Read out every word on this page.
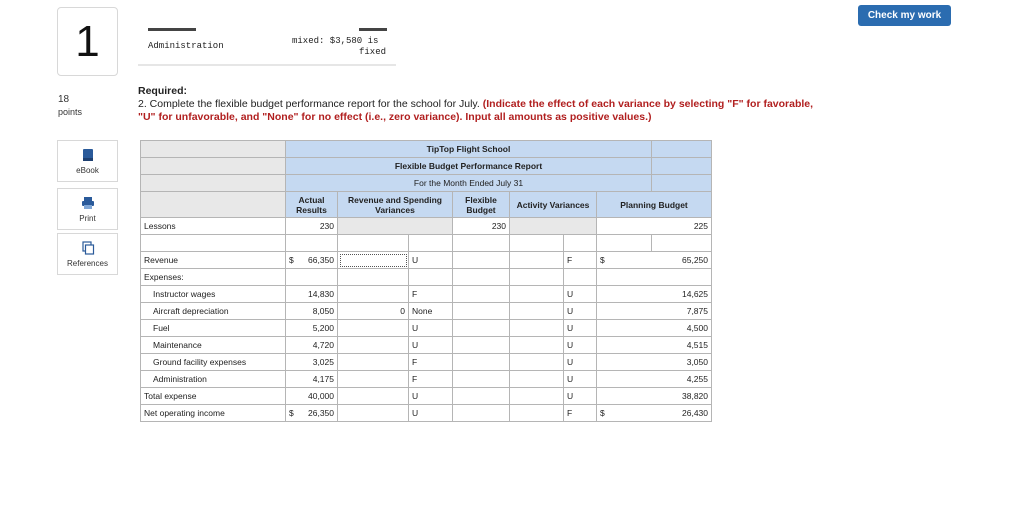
1
18
points
Check my work
eBook
Print
References
Administration	mixed: $3,580 is
fixed
Required:
2. Complete the flexible budget performance report for the school for July. (Indicate the effect of each variance by selecting "F" for favorable, "U" for unfavorable, and "None" for no effect (i.e., zero variance). Input all amounts as positive values.)
	TipTop Flight School							
	Flexible Budget Performance Report							
	For the Month Ended July 31							
	Actual Results	Revenue and Spending Variances		Flexible Budget	Activity Variances		Planning Budget	
Lessons	230			230			225	

Revenue	$ 66,350		U			F	$ 65,250	
Expenses:								
Instructor wages	14,830		F			U	14,625	
Aircraft depreciation	8,050	0	None			U	7,875	
Fuel	5,200		U			U	4,500	
Maintenance	4,720		U			U	4,515	
Ground facility expenses	3,025		F			U	3,050	
Administration	4,175		F			U	4,255	
Total expense	40,000		U			U	38,820	
Net operating income	$ 26,350		U			F	$ 26,430	
